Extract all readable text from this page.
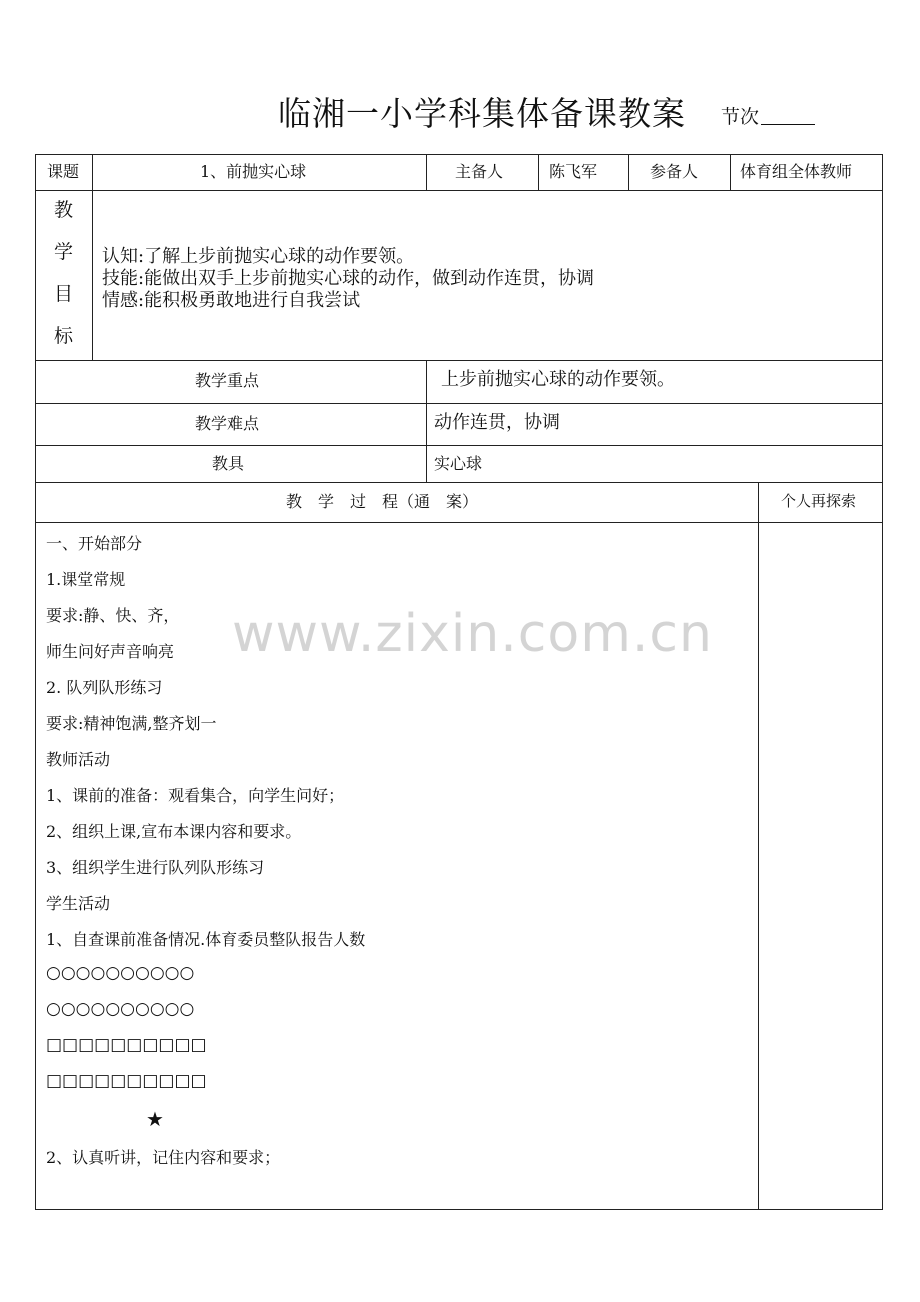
临湘一小学科集体备课教案 节次
课题	1、前抛实心球	主备人	陈飞军	参备人	体育组全体教师
教
学
目
标
认知:了解上步前抛实心球的动作要领。
技能:能做出双手上步前抛实心球的动作，做到动作连贯，协调
情感:能积极勇敢地进行自我尝试
教学重点	上步前抛实心球的动作要领。
教学难点	动作连贯，协调
教具	实心球
教　学　过　程（通　案）	个人再探索
www.zixin.com.cn
一、开始部分
1.课堂常规
要求:静、快、齐，
师生问好声音响亮
2. 队列队形练习
要求:精神饱满,整齐划一
教师活动
1、课前的准备：观看集合，向学生问好；
2、组织上课,宣布本课内容和要求。
3、组织学生进行队列队形练习
学生活动
1、自查课前准备情况.体育委员整队报告人数
○○○○○○○○○○
○○○○○○○○○○
□□□□□□□□□□
□□□□□□□□□□
★
2、认真听讲，记住内容和要求；
